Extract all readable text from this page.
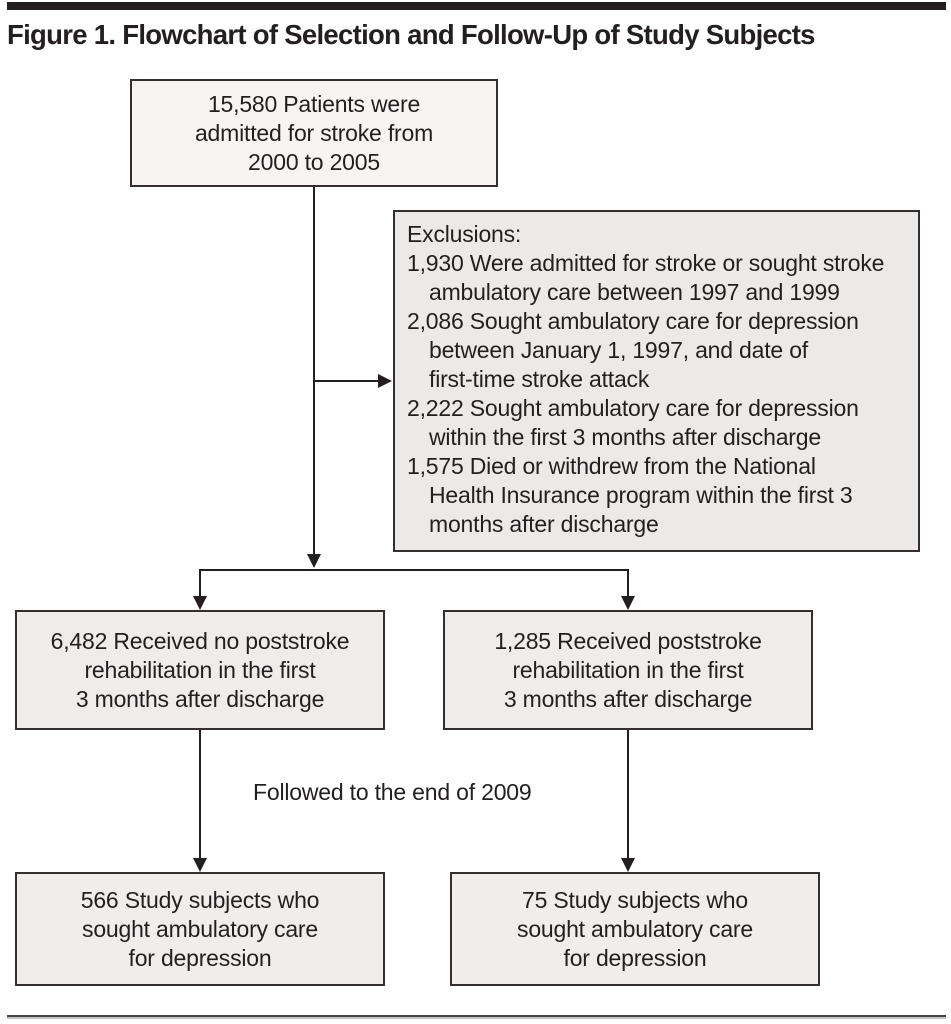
Figure 1. Flowchart of Selection and Follow-Up of Study Subjects
15,580 Patients were
admitted for stroke from
2000 to 2005
Exclusions:
1,930 Were admitted for stroke or sought stroke
ambulatory care between 1997 and 1999
2,086 Sought ambulatory care for depression
between January 1, 1997, and date of
first-time stroke attack
2,222 Sought ambulatory care for depression
within the first 3 months after discharge
1,575 Died or withdrew from the National
Health Insurance program within the first 3
months after discharge
6,482 Received no poststroke
rehabilitation in the first
3 months after discharge
1,285 Received poststroke
rehabilitation in the first
3 months after discharge
Followed to the end of 2009
566 Study subjects who
sought ambulatory care
for depression
75 Study subjects who
sought ambulatory care
for depression
